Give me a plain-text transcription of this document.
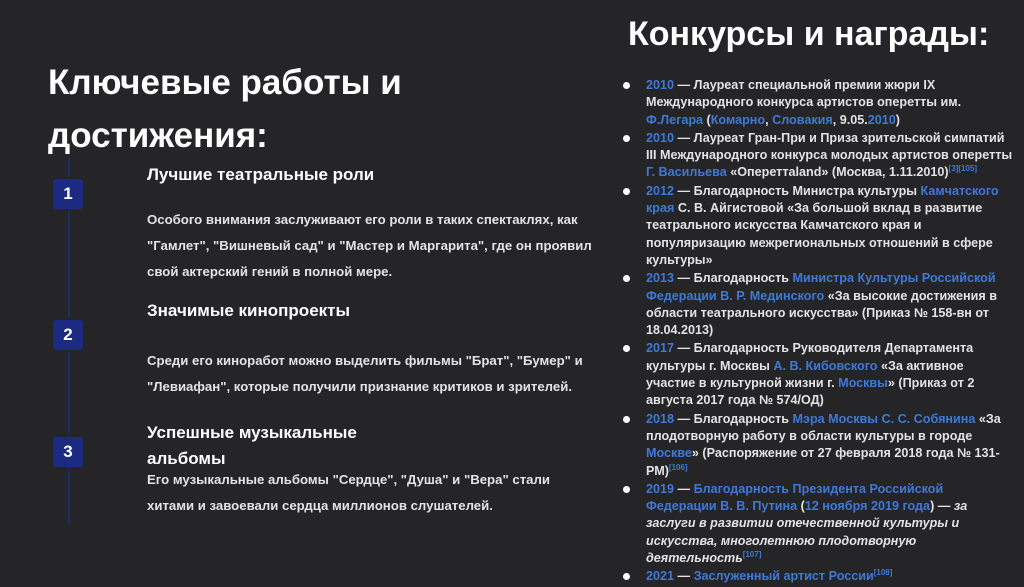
Ключевые работы и достижения:
1
Лучшие театральные роли
Особого внимания заслуживают его роли в таких спектаклях, как "Гамлет", "Вишневый сад" и "Мастер и Маргарита", где он проявил свой актерский гений в полной мере.
2
Значимые кинопроекты
Среди его кинoработ можно выделить фильмы "Брат", "Бумер" и "Левиафан", которые получили признание критиков и зрителей.
3
Успешные музыкальные альбомы
Его музыкальные альбомы "Сердце", "Душа" и "Вера" стали хитами и завоевали сердца миллионов слушателей.
Конкурсы и награды:
2010 — Лауреат специальной премии жюри IX Международного конкурса артистов оперетты им. Ф.Легара (Комарно, Словакия, 9.05.2010)
2010 — Лауреат Гран-При и Приза зрительской симпатий III Международного конкурса молодых артистов оперетты Г. Васильева «Опереттаland» (Москва, 1.11.2010)[3][105]
2012 — Благодарность Министра культуры Камчатского края С. В. Айгистовой «За большой вклад в развитие театрального искусства Камчатского края и популяризацию межрегиональных отношений в сфере культуры»
2013 — Благодарность Министра Культуры Российской Федерации В. Р. Мединского «За высокие достижения в области театрального искусства» (Приказ № 158-вн от 18.04.2013)
2017 — Благодарность Руководителя Департамента культуры г. Москвы А. В. Кибовского «За активное участие в культурной жизни г. Москвы» (Приказ от 2 августа 2017 года № 574/ОД)
2018 — Благодарность Мэра Москвы С. С. Собянина «За плодотворную работу в области культуры в городе Москве» (Распоряжение от 27 февраля 2018 года № 131-РМ)[106]
2019 — Благодарность Президента Российской Федерации В. В. Путина (12 ноября 2019 года) — за заслуги в развитии отечественной культуры и искусства, многолетнюю плодотворную деятельность[107]
2021 — Заслуженный артист России[108]
